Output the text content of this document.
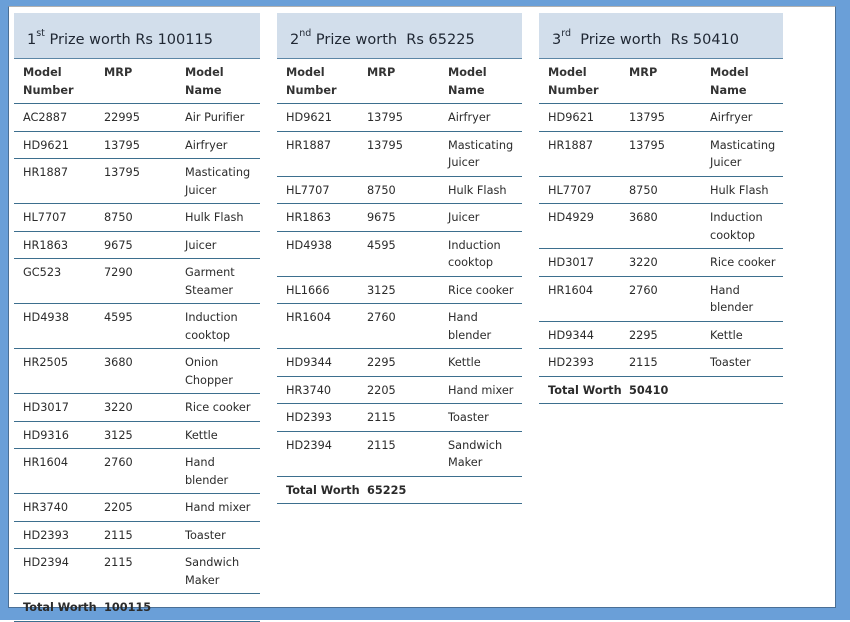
1st Prize worth Rs 100115
Model Number	MRP	Model Name
AC2887	22995	Air Purifier
HD9621	13795	Airfryer
HR1887	13795	Masticating Juicer
HL7707	8750	Hulk Flash
HR1863	9675	Juicer
GC523	7290	Garment Steamer
HD4938	4595	Induction cooktop
HR2505	3680	Onion Chopper
HD3017	3220	Rice cooker
HD9316	3125	Kettle
HR1604	2760	Hand blender
HR3740	2205	Hand mixer
HD2393	2115	Toaster
HD2394	2115	Sandwich Maker
Total Worth	100115	
2nd Prize worth  Rs 65225
Model Number	MRP	Model Name
HD9621	13795	Airfryer
HR1887	13795	Masticating Juicer
HL7707	8750	Hulk Flash
HR1863	9675	Juicer
HD4938	4595	Induction cooktop
HL1666	3125	Rice cooker
HR1604	2760	Hand blender
HD9344	2295	Kettle
HR3740	2205	Hand mixer
HD2393	2115	Toaster
HD2394	2115	Sandwich Maker
Total Worth	65225	
3rd  Prize worth  Rs 50410
Model Number	MRP	Model Name
HD9621	13795	Airfryer
HR1887	13795	Masticating Juicer
HL7707	8750	Hulk Flash
HD4929	3680	Induction cooktop
HD3017	3220	Rice cooker
HR1604	2760	Hand blender
HD9344	2295	Kettle
HD2393	2115	Toaster
Total Worth	50410	
